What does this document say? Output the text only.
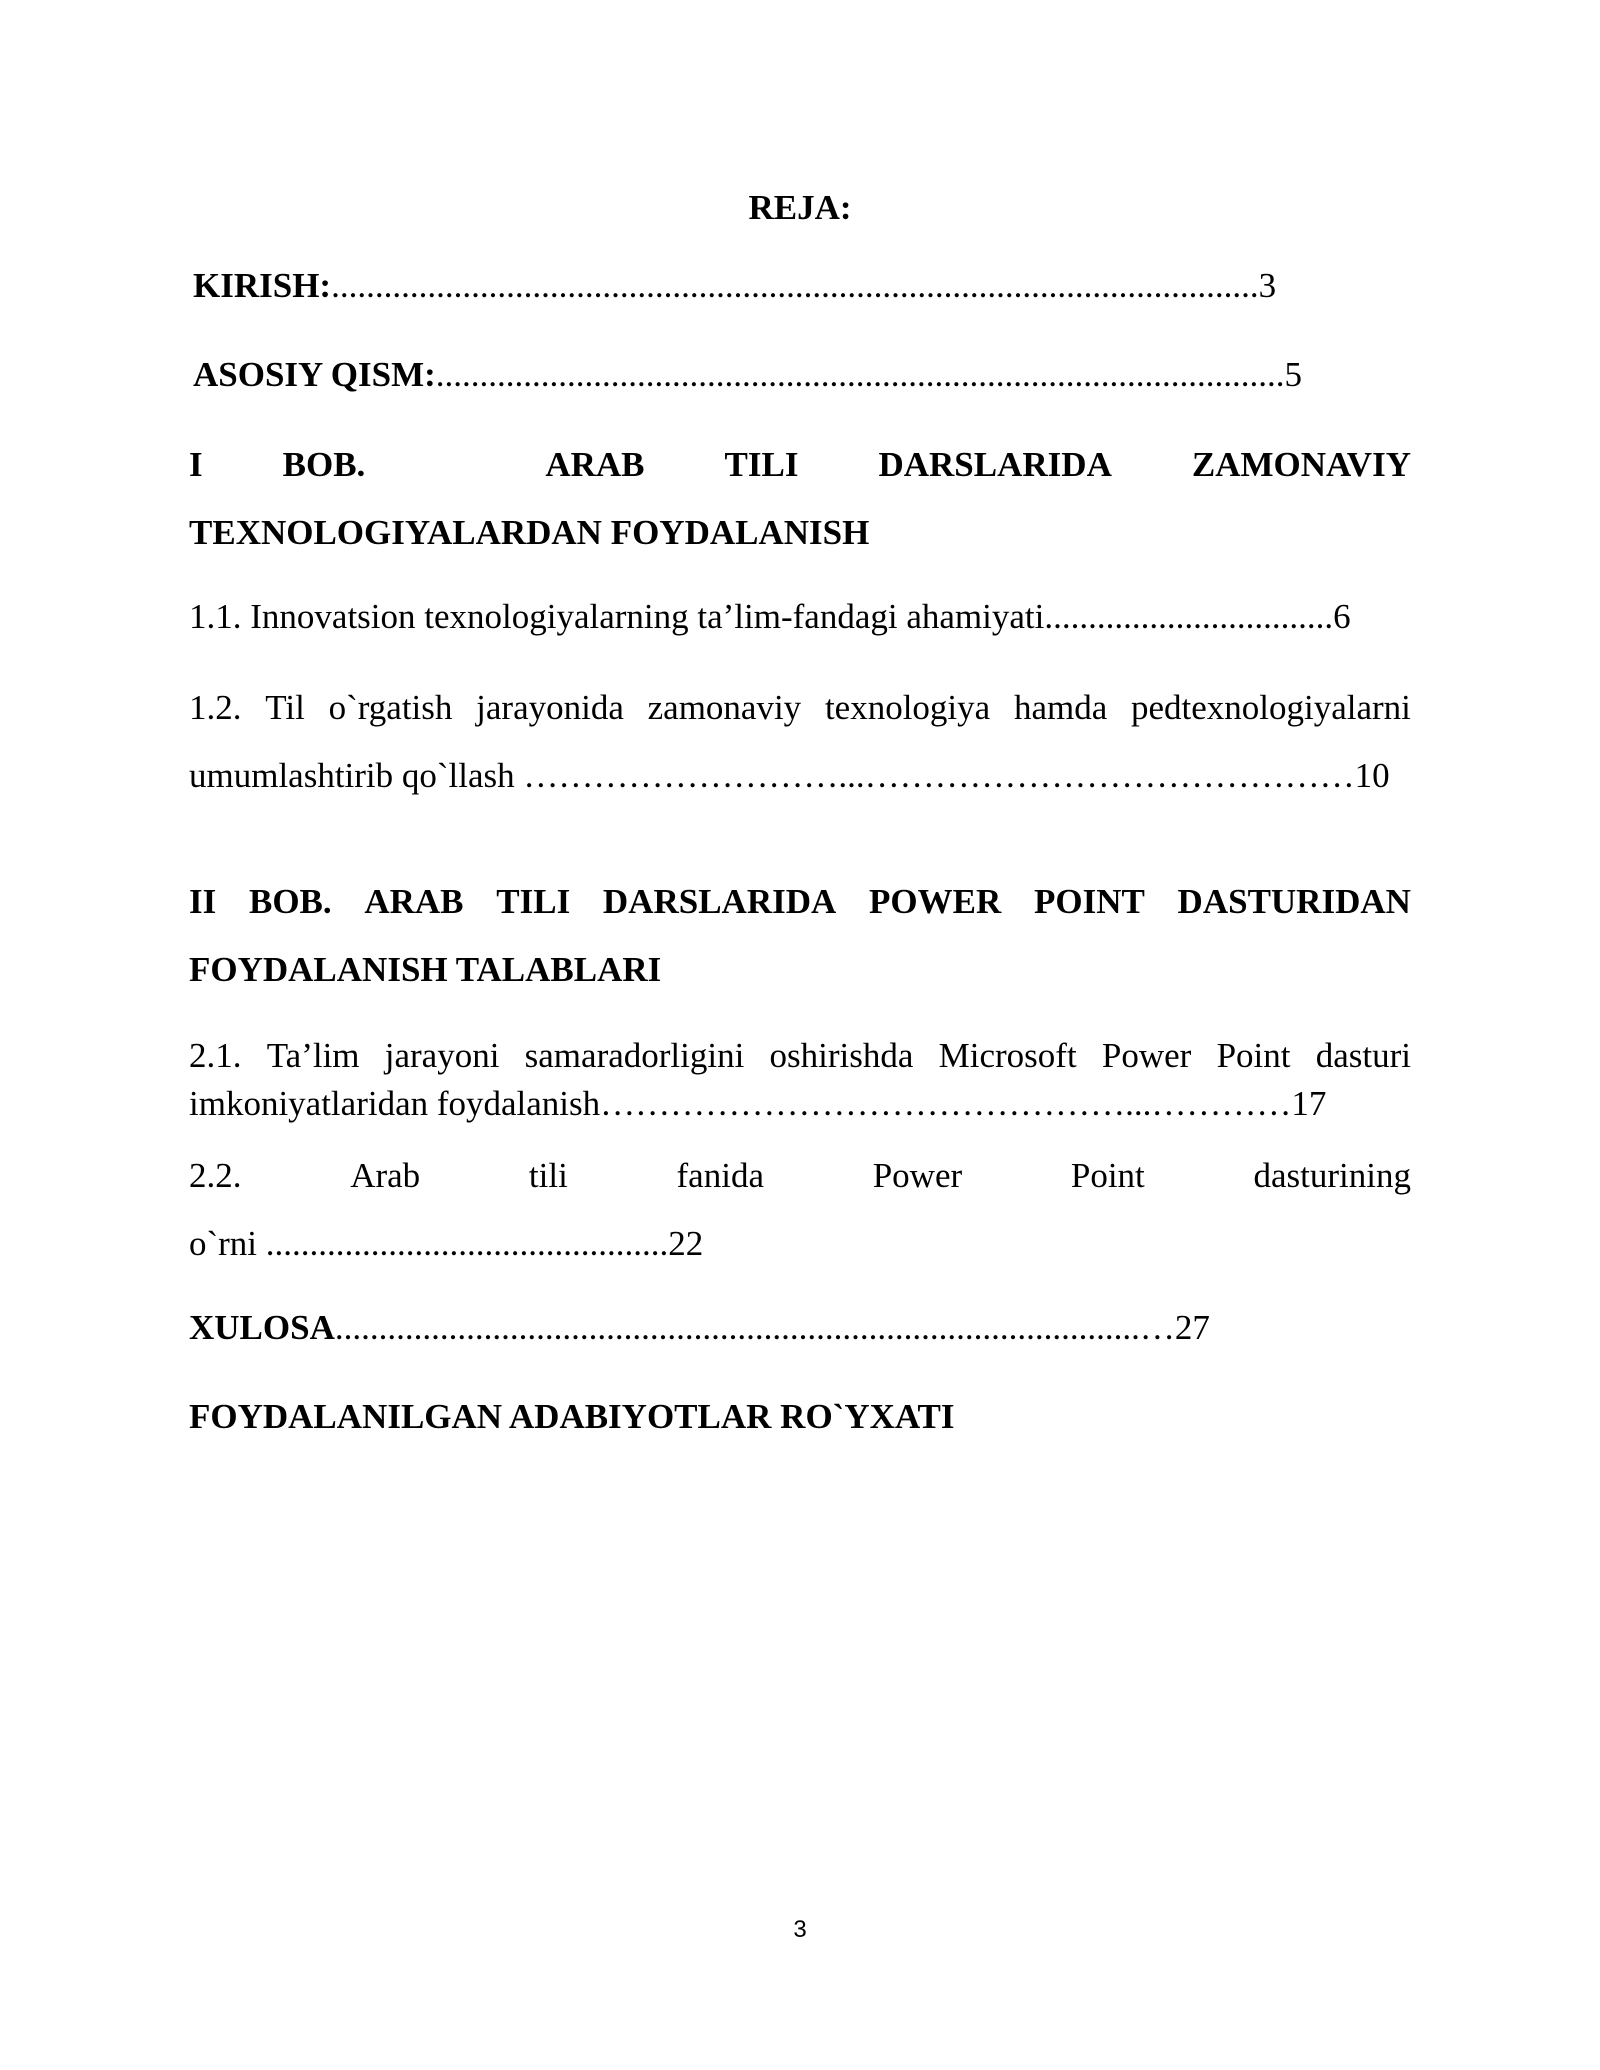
REJA:
KIRISH:..........................................................................................................3
ASOSIY QISM:.................................................................................................5
I BOB.	ARAB TILI DARSLARIDA ZAMONAVIY
TEXNOLOGIYALARDAN FOYDALANISH
1.1. Innovatsion texnologiyalarning ta’lim-fandagi ahamiyati.................................6
1.2. Til o`rgatish jarayonida zamonaviy texnologiya hamda pedtexnologiyalarni
umumlashtirib qo`llash ………………………...……………………………………10
II BOB. ARAB TILI DARSLARIDA POWER POINT DASTURIDAN
FOYDALANISH TALABLARI
2.1. Ta’lim jarayoni samaradorligini oshirishda Microsoft Power Point dasturi
imkoniyatlaridan foydalanish………………………………………...…………17
2.2.	Arab	tili	fanida	Power	Point	dasturining
o`rni ..............................................22
XULOSA............................................................................................…27
FOYDALANILGAN ADABIYOTLAR RO`YXATI
3
